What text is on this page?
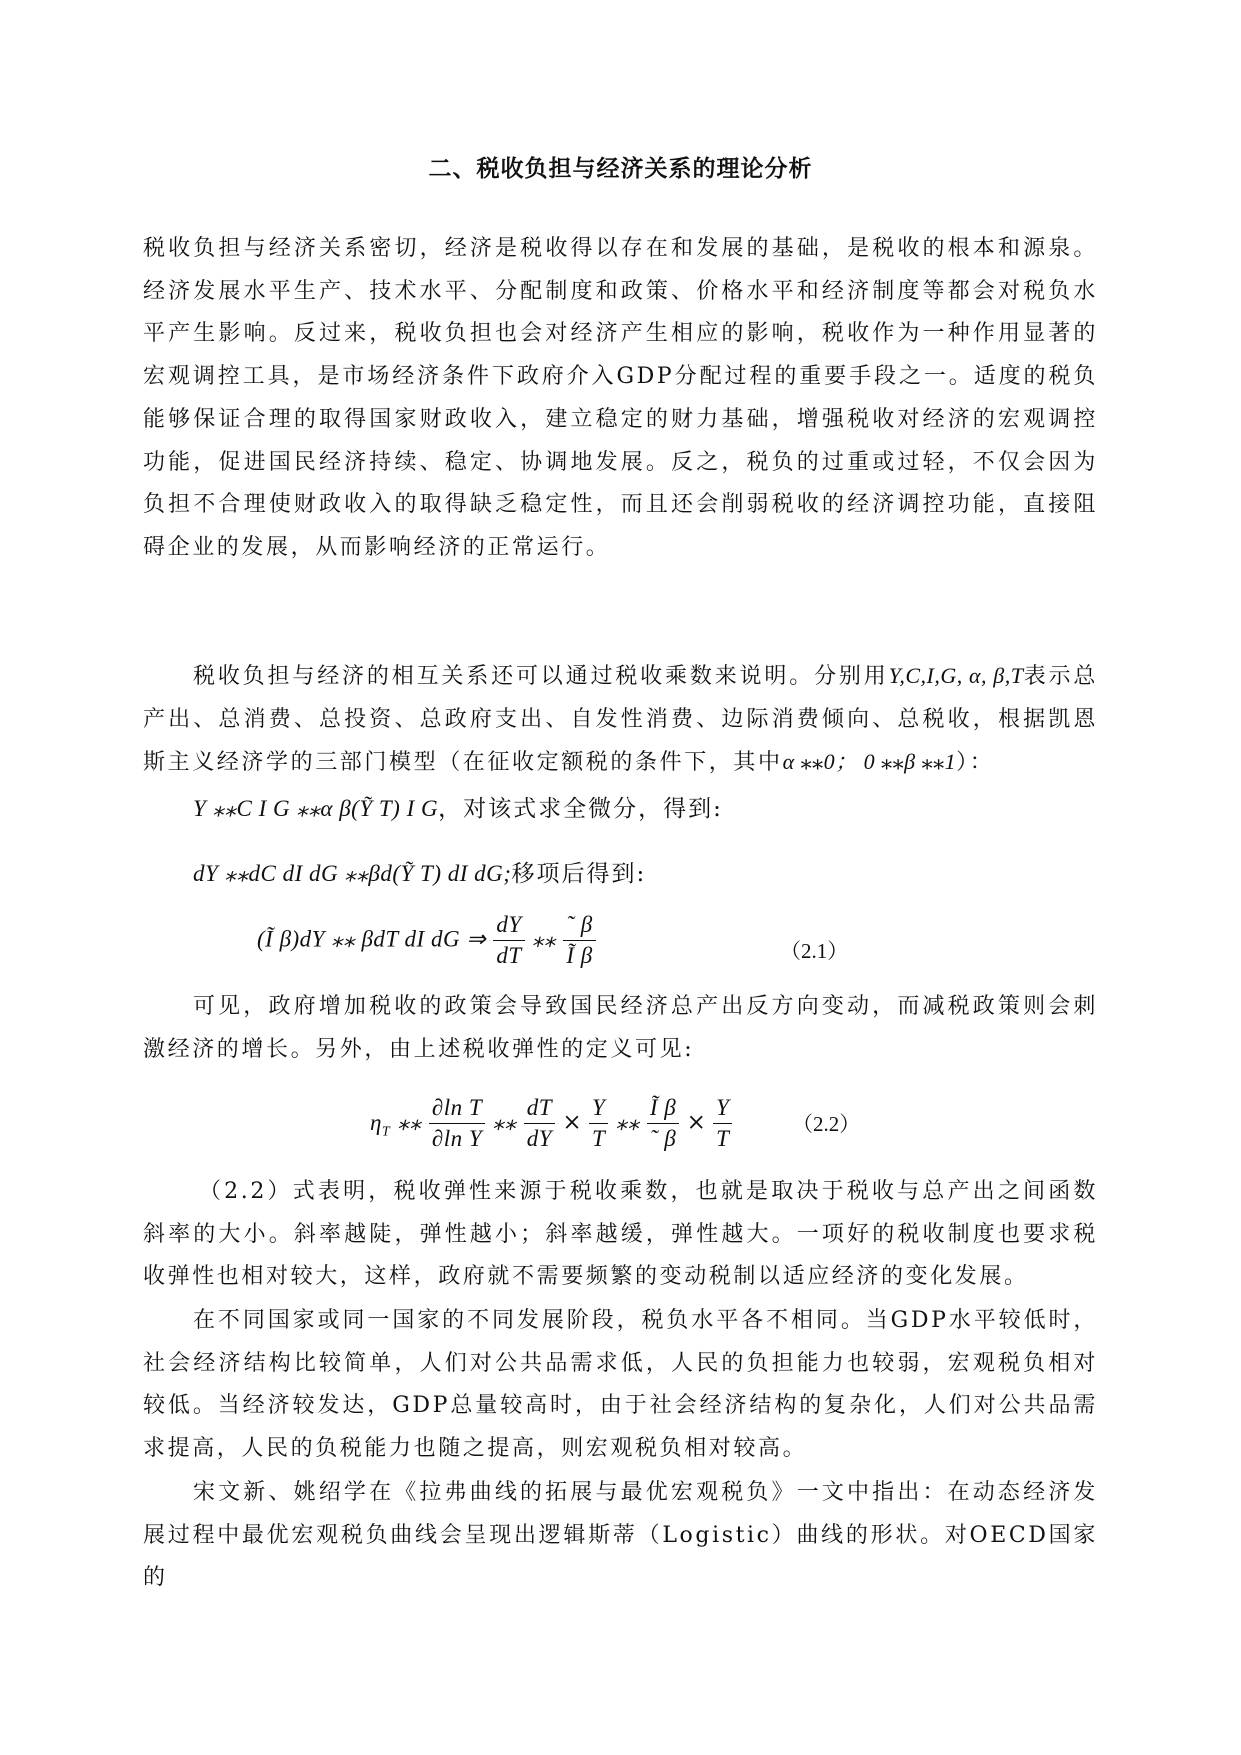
二、税收负担与经济关系的理论分析

税收负担与经济关系密切，经济是税收得以存在和发展的基础，是税收的根本和源泉。经济发展水平生产、技术水平、分配制度和政策、价格水平和经济制度等都会对税负水平产生影响。反过来，税收负担也会对经济产生相应的影响，税收作为一种作用显著的宏观调控工具，是市场经济条件下政府介入GDP分配过程的重要手段之一。适度的税负能够保证合理的取得国家财政收入，建立稳定的财力基础，增强税收对经济的宏观调控功能，促进国民经济持续、稳定、协调地发展。反之，税负的过重或过轻，不仅会因为负担不合理使财政收入的取得缺乏稳定性，而且还会削弱税收的经济调控功能，直接阻碍企业的发展，从而影响经济的正常运行。

税收负担与经济的相互关系还可以通过税收乘数来说明。分别用Y,C,I,G, α, β,T表示总产出、总消费、总投资、总政府支出、自发性消费、边际消费倾向、总税收，根据凯恩斯主义经济学的三部门模型（在征收定额税的条件下，其中α ⁎⁎0； 0 ⁎⁎β ⁎⁎1）：

Y ⁎⁎C I G ⁎⁎α β(Ỹ T) I G，对该式求全微分，得到:
dY ⁎⁎dC dI dG ⁎⁎βd(Ỹ T) dI dG;移项后得到:
(Ĩ β)dY ⁎⁎ βdT dI dG ⇒ $\frac{dY}{dT}$ ⁎⁎ $\frac{˜ \beta}{\text{Ĩ β}}$	（2.1）

可见，政府增加税收的政策会导致国民经济总产出反方向变动，而减税政策则会刺激经济的增长。另外，由上述税收弹性的定义可见:

$\eta_T$ ⁎⁎ $\frac{\text{∂ln T}}{\text{∂ln Y}}$ ⁎⁎ $\frac{dT}{dY} \times \frac{Y}{T}$ ⁎⁎ $\frac{\text{Ĩ β}}{˜ \beta} \times \frac{Y}{T}$	（2.2）

（2.2）式表明，税收弹性来源于税收乘数，也就是取决于税收与总产出之间函数斜率的大小。斜率越陡，弹性越小；斜率越缓，弹性越大。一项好的税收制度也要求税收弹性也相对较大，这样，政府就不需要频繁的变动税制以适应经济的变化发展。

在不同国家或同一国家的不同发展阶段，税负水平各不相同。当GDP水平较低时，社会经济结构比较简单，人们对公共品需求低，人民的负担能力也较弱，宏观税负相对较低。当经济较发达，GDP总量较高时，由于社会经济结构的复杂化，人们对公共品需求提高，人民的负税能力也随之提高，则宏观税负相对较高。

宋文新、姚绍学在《拉弗曲线的拓展与最优宏观税负》一文中指出：在动态经济发展过程中最优宏观税负曲线会呈现出逻辑斯蒂（Logistic）曲线的形状。对OECD国家的
